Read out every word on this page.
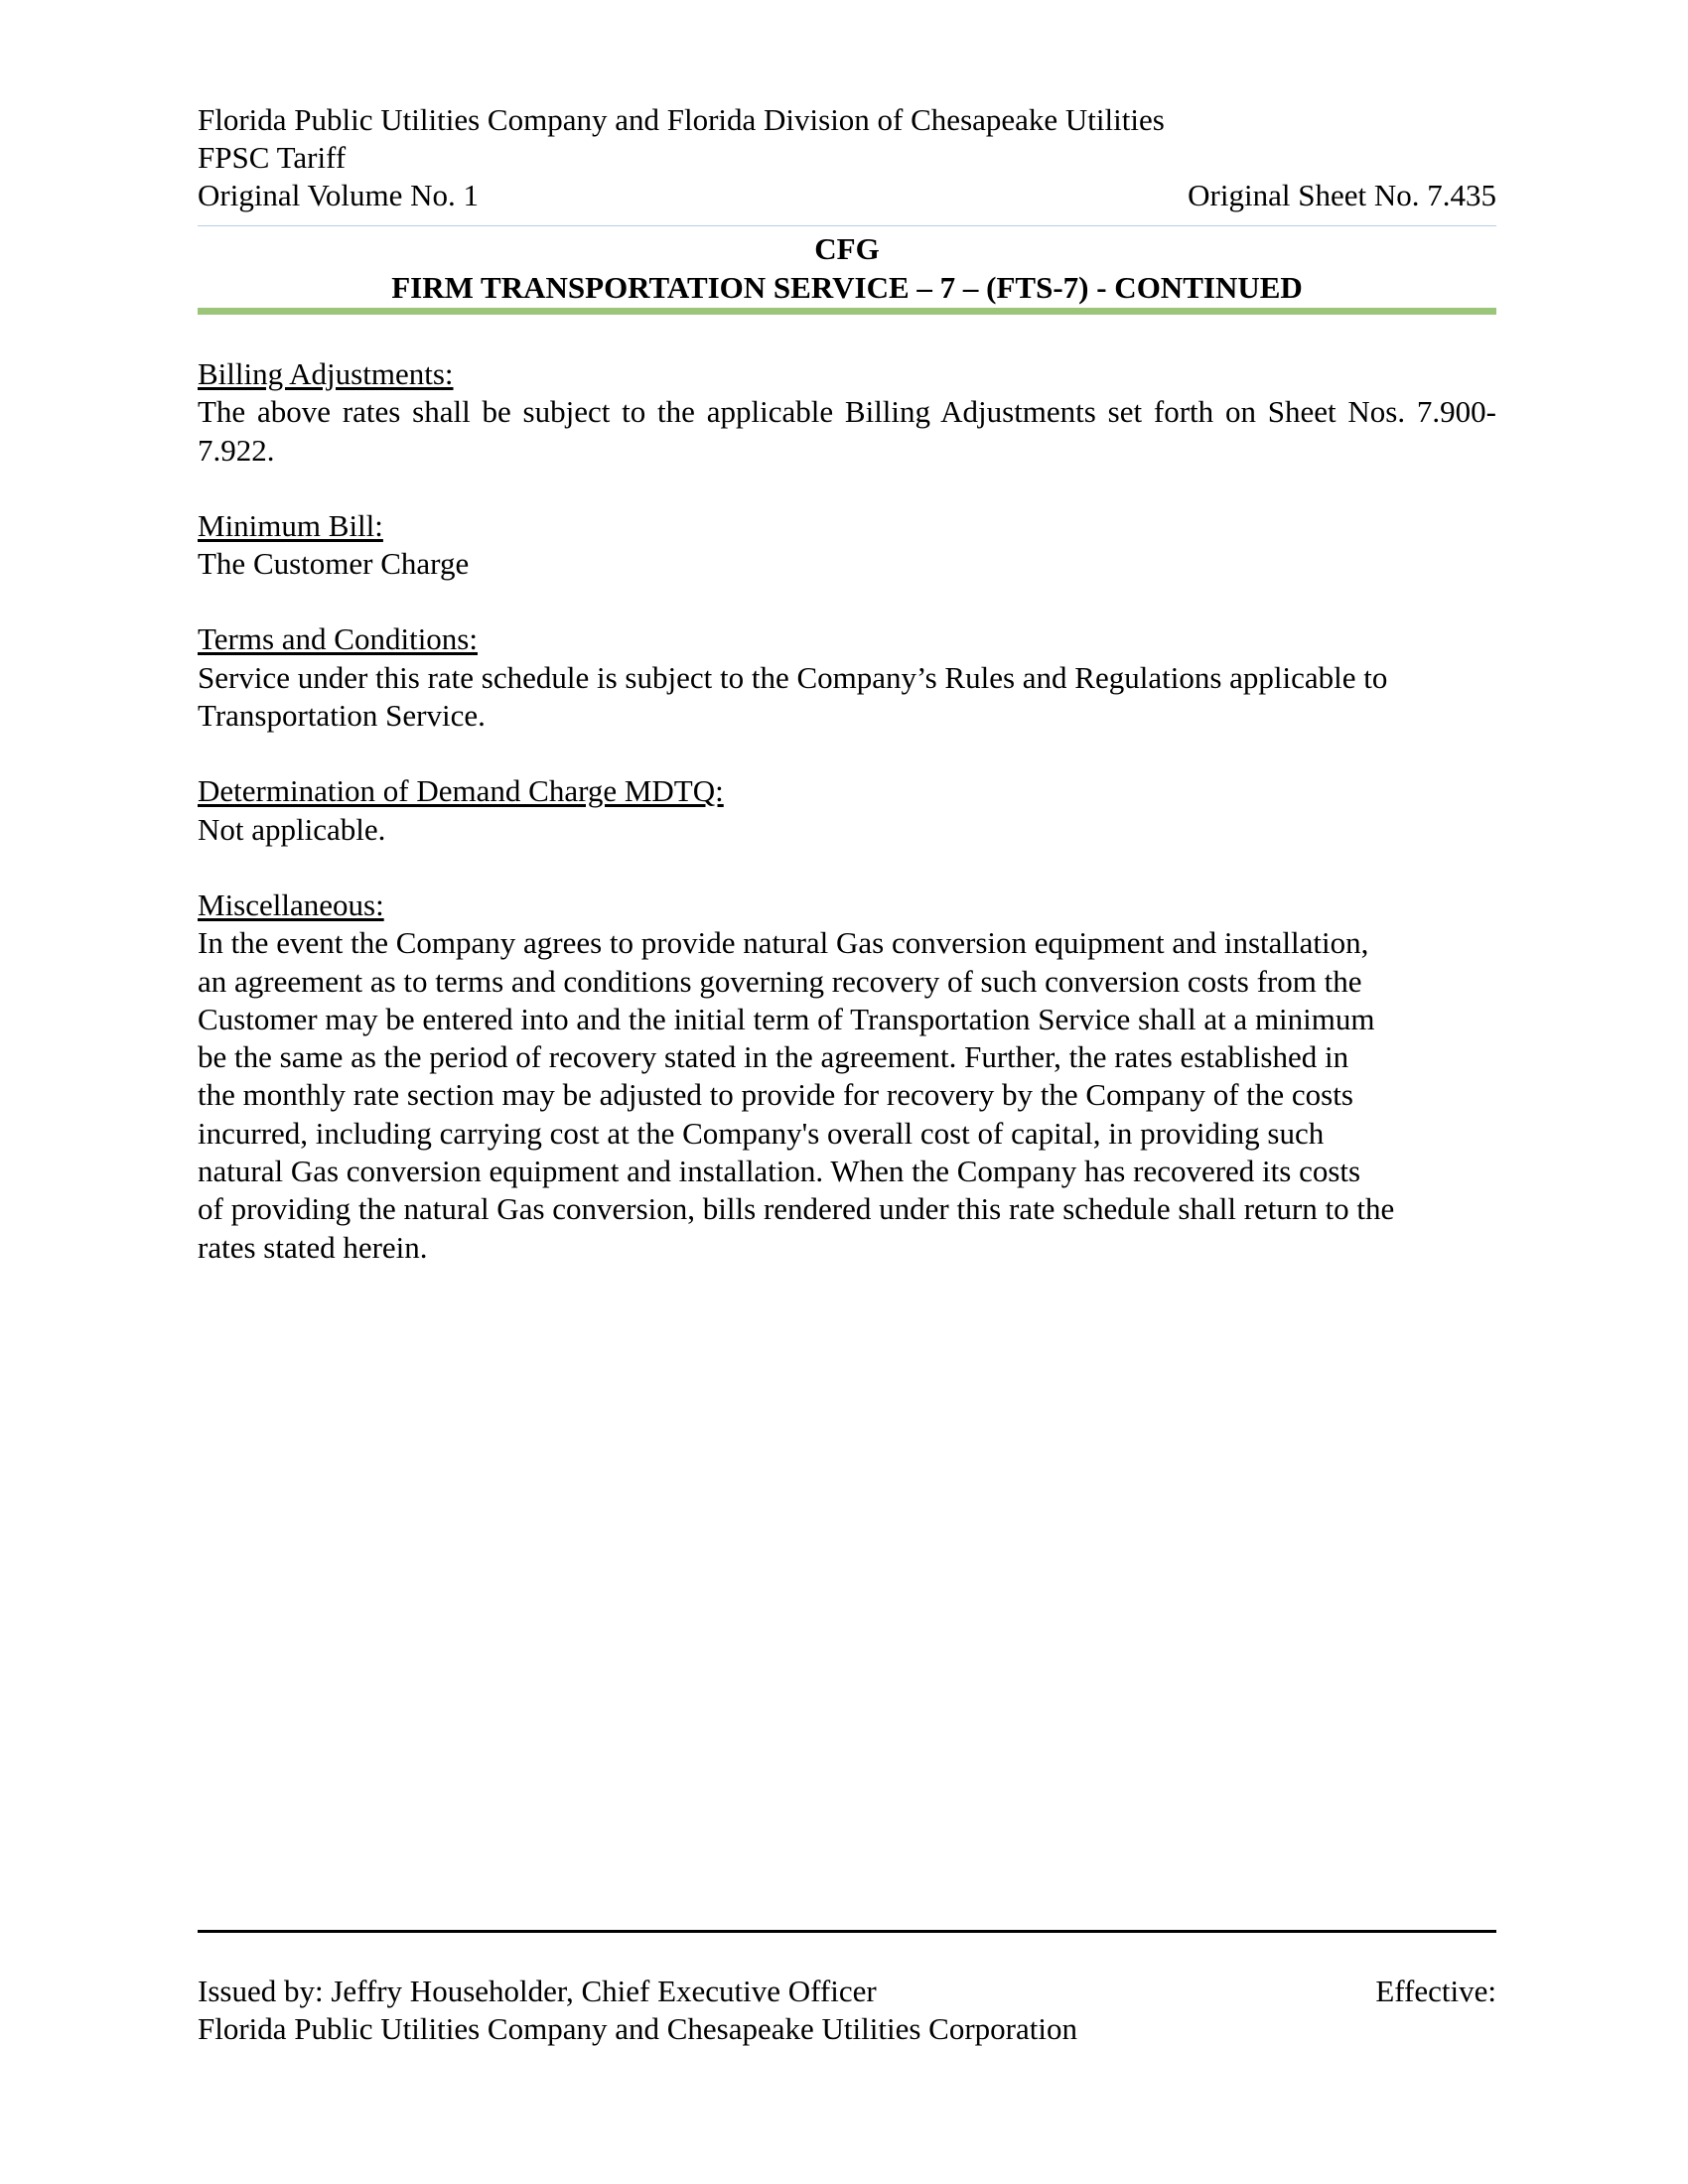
Florida Public Utilities Company and Florida Division of Chesapeake Utilities
FPSC Tariff
Original Volume No. 1	Original Sheet No. 7.435
CFG
FIRM TRANSPORTATION SERVICE – 7 – (FTS-7) - CONTINUED
Billing Adjustments:
The above rates shall be subject to the applicable Billing Adjustments set forth on Sheet Nos. 7.900-7.922.
Minimum Bill:
The Customer Charge
Terms and Conditions:
Service under this rate schedule is subject to the Company’s Rules and Regulations applicable to Transportation Service.
Determination of Demand Charge MDTQ:
Not applicable.
Miscellaneous:
In the event the Company agrees to provide natural Gas conversion equipment and installation,
an agreement as to terms and conditions governing recovery of such conversion costs from the
Customer may be entered into and the initial term of Transportation Service shall at a minimum
be the same as the period of recovery stated in the agreement. Further, the rates established in
the monthly rate section may be adjusted to provide for recovery by the Company of the costs
incurred, including carrying cost at the Company's overall cost of capital, in providing such
natural Gas conversion equipment and installation. When the Company has recovered its costs
of providing the natural Gas conversion, bills rendered under this rate schedule shall return to the
rates stated herein.
Issued by: Jeffry Householder, Chief Executive Officer	Effective:
Florida Public Utilities Company and Chesapeake Utilities Corporation
